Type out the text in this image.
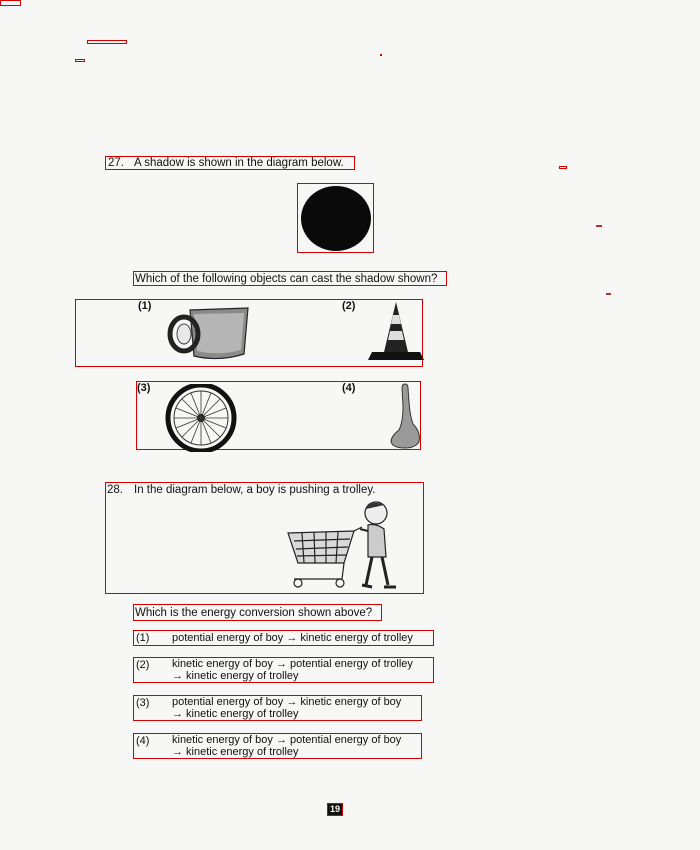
27. A shadow is shown in the diagram below.
Which of the following objects can cast the shadow shown?
(1)	(2)
(3)	(4)
28. In the diagram below, a boy is pushing a trolley.
Which is the energy conversion shown above?
(1) potential energy of boy → kinetic energy of trolley
(2) kinetic energy of boy → potential energy of trolley
→ kinetic energy of trolley
(3) potential energy of boy → kinetic energy of boy
→ kinetic energy of trolley
(4) kinetic energy of boy → potential energy of boy
→ kinetic energy of trolley
19
